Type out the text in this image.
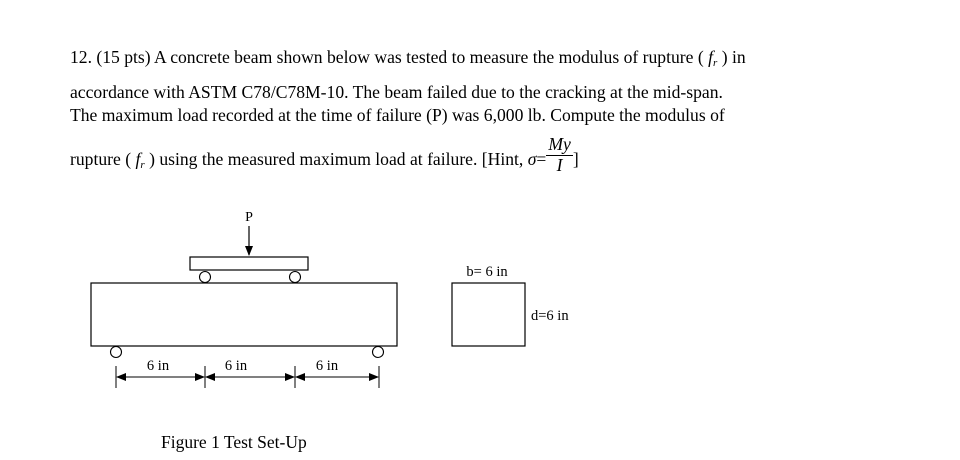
12. (15 pts) A concrete beam shown below was tested to measure the modulus of rupture ( fr ) in
accordance with ASTM C78/C78M-10. The beam failed due to the cracking at the mid-span.
The maximum load recorded at the time of failure (P) was 6,000 lb. Compute the modulus of
rupture ( fr ) using the measured maximum load at failure. [Hint, $\sigma= \frac{My}{I}$ ]
P
6 in	6 in	6 in
b= 6 in
d=6 in
Figure 1 Test Set-Up
